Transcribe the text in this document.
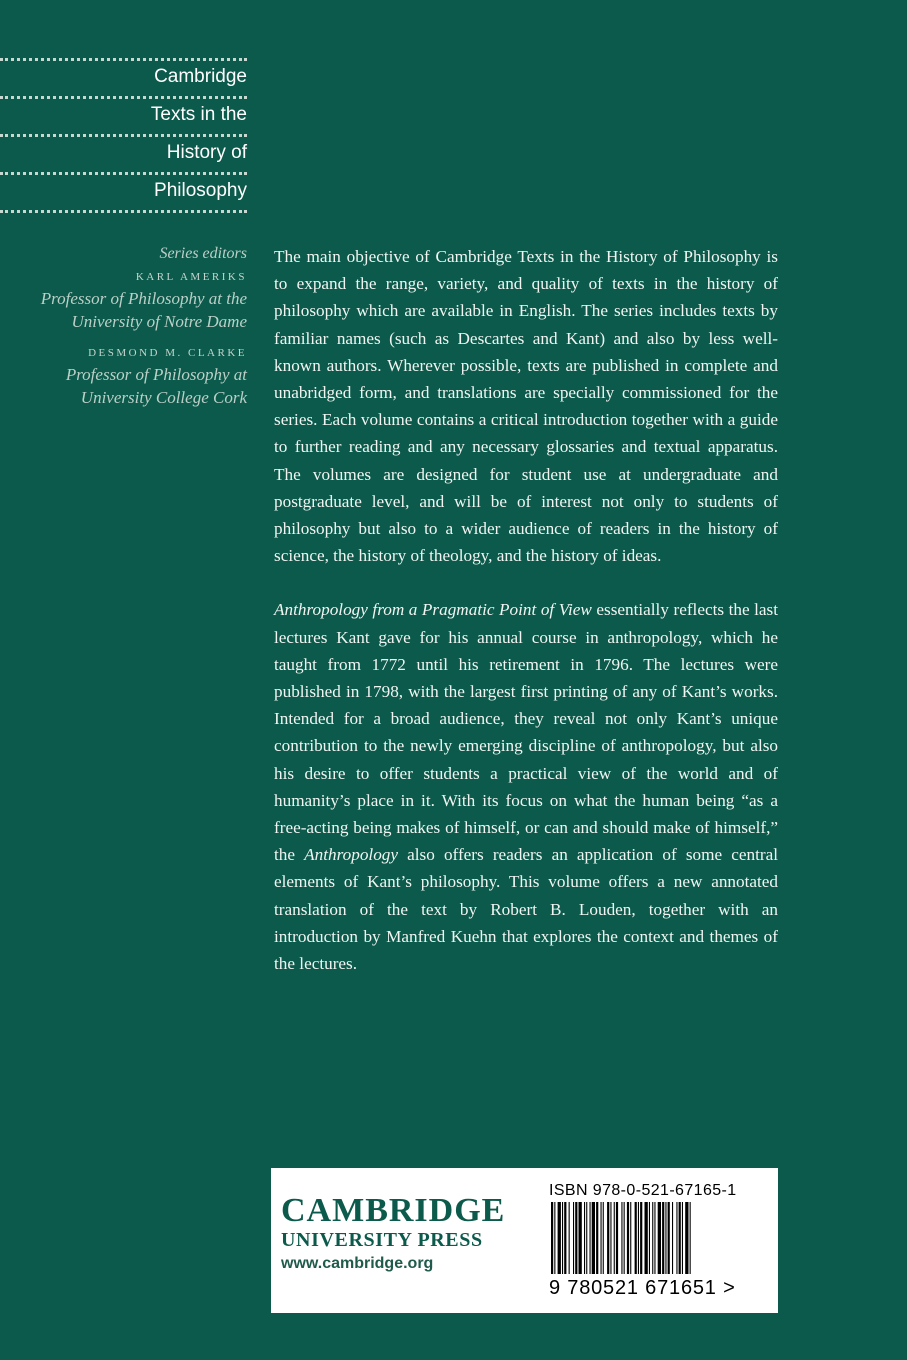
Cambridge
Texts in the
History of
Philosophy
Series editors
KARL AMERIKS
Professor of Philosophy at the
University of Notre Dame
DESMOND M. CLARKE
Professor of Philosophy at
University College Cork

The main objective of Cambridge Texts in the History of Philosophy is to expand the range, variety, and quality of texts in the history of philosophy which are available in English. The series includes texts by familiar names (such as Descartes and Kant) and also by less well-known authors. Wherever possible, texts are published in complete and unabridged form, and translations are specially commissioned for the series. Each volume contains a critical introduction together with a guide to further reading and any necessary glossaries and textual apparatus. The volumes are designed for student use at undergraduate and postgraduate level, and will be of interest not only to students of philosophy but also to a wider audience of readers in the history of science, the history of theology, and the history of ideas.

Anthropology from a Pragmatic Point of View essentially reflects the last lectures Kant gave for his annual course in anthropology, which he taught from 1772 until his retirement in 1796. The lectures were published in 1798, with the largest first printing of any of Kant’s works. Intended for a broad audience, they reveal not only Kant’s unique contribution to the newly emerging discipline of anthropology, but also his desire to offer students a practical view of the world and of humanity’s place in it. With its focus on what the human being “as a free-acting being makes of himself, or can and should make of himself,” the Anthropology also offers readers an application of some central elements of Kant’s philosophy. This volume offers a new annotated translation of the text by Robert B. Louden, together with an introduction by Manfred Kuehn that explores the context and themes of the lectures.

CAMBRIDGE
UNIVERSITY PRESS
www.cambridge.org
ISBN 978-0-521-67165-1
9 780521 671651 >
